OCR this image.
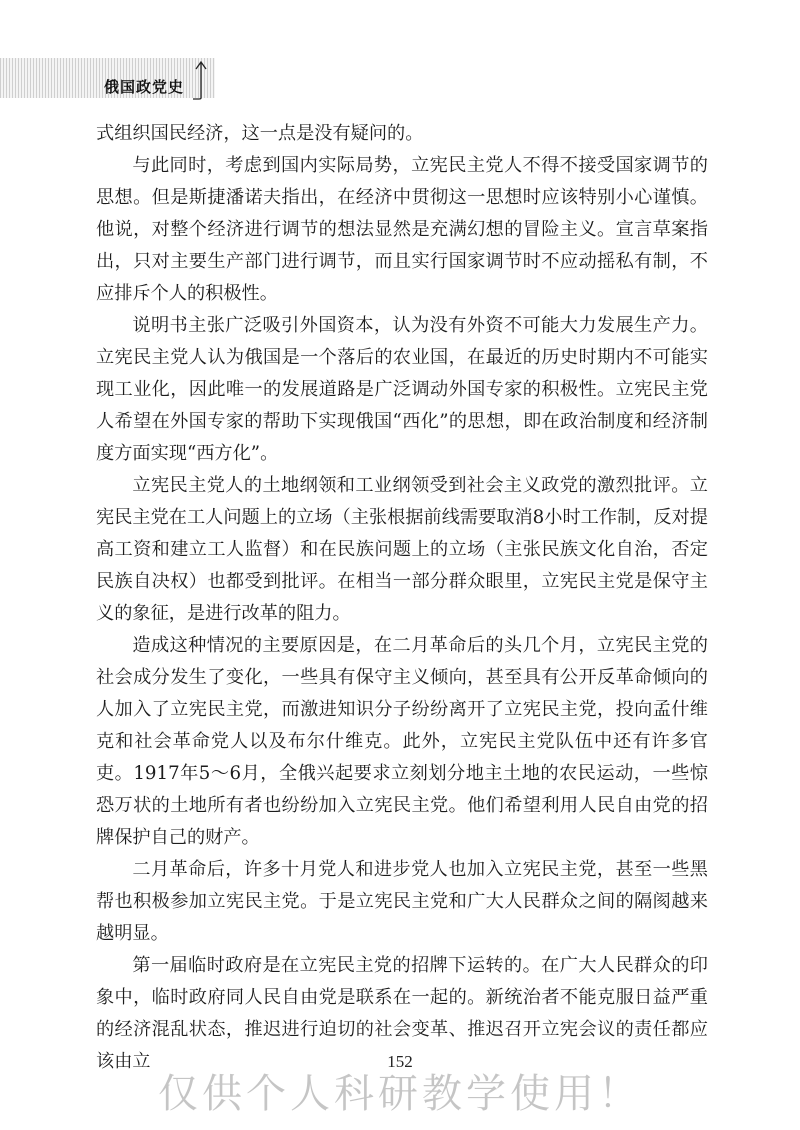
俄国政党史

式组织国民经济，这一点是没有疑问的。

与此同时，考虑到国内实际局势，立宪民主党人不得不接受国家调节的思想。但是斯捷潘诺夫指出，在经济中贯彻这一思想时应该特别小心谨慎。他说，对整个经济进行调节的想法显然是充满幻想的冒险主义。宣言草案指出，只对主要生产部门进行调节，而且实行国家调节时不应动摇私有制，不应排斥个人的积极性。

说明书主张广泛吸引外国资本，认为没有外资不可能大力发展生产力。立宪民主党人认为俄国是一个落后的农业国，在最近的历史时期内不可能实现工业化，因此唯一的发展道路是广泛调动外国专家的积极性。立宪民主党人希望在外国专家的帮助下实现俄国“西化”的思想，即在政治制度和经济制度方面实现“西方化”。

立宪民主党人的土地纲领和工业纲领受到社会主义政党的激烈批评。立宪民主党在工人问题上的立场（主张根据前线需要取消8小时工作制，反对提高工资和建立工人监督）和在民族问题上的立场（主张民族文化自治，否定民族自决权）也都受到批评。在相当一部分群众眼里，立宪民主党是保守主义的象征，是进行改革的阻力。

造成这种情况的主要原因是，在二月革命后的头几个月，立宪民主党的社会成分发生了变化，一些具有保守主义倾向，甚至具有公开反革命倾向的人加入了立宪民主党，而激进知识分子纷纷离开了立宪民主党，投向孟什维克和社会革命党人以及布尔什维克。此外，立宪民主党队伍中还有许多官吏。1917年5～6月，全俄兴起要求立刻划分地主土地的农民运动，一些惊恐万状的土地所有者也纷纷加入立宪民主党。他们希望利用人民自由党的招牌保护自己的财产。

二月革命后，许多十月党人和进步党人也加入立宪民主党，甚至一些黑帮也积极参加立宪民主党。于是立宪民主党和广大人民群众之间的隔阂越来越明显。

第一届临时政府是在立宪民主党的招牌下运转的。在广大人民群众的印象中，临时政府同人民自由党是联系在一起的。新统治者不能克服日益严重的经济混乱状态，推迟进行迫切的社会变革、推迟召开立宪会议的责任都应该由立	152
仅供个人科研教学使用！
